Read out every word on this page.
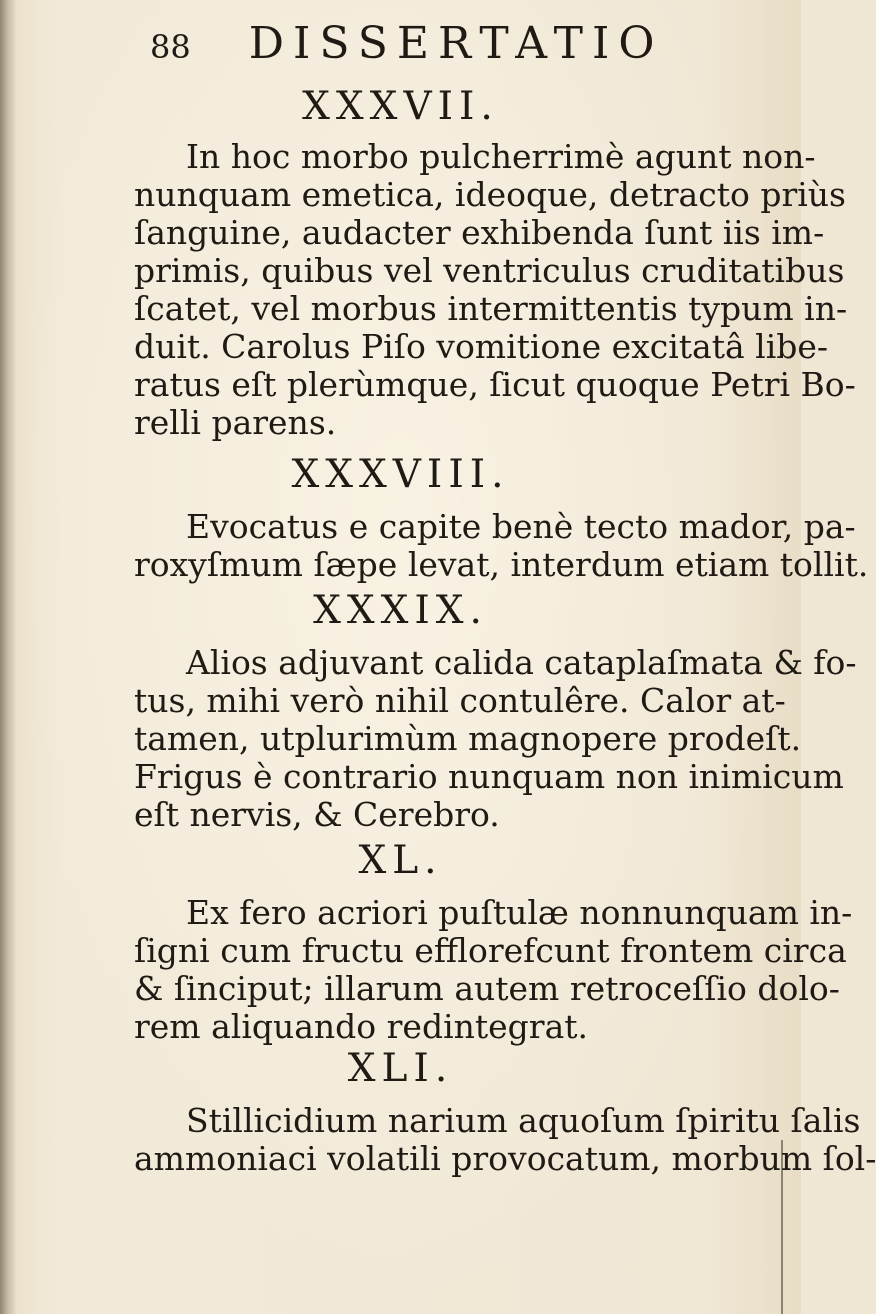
88 DISSERTATIO
XXXVII.
In hoc morbo pulcherrimè agunt non-
nunquam emetica, ideoque, detracto priùs
ſanguine, audacter exhibenda ſunt iis im-
primis, quibus vel ventriculus cruditatibus
ſcatet, vel morbus intermittentis typum in-
duit. Carolus Piſo vomitione excitatâ libe-
ratus eſt plerùmque, ſicut quoque Petri Bo-
relli parens.
XXXVIII.
Evocatus e capite benè tecto mador, pa-
roxyſmum ſæpe levat, interdum etiam tollit.
XXXIX.
Alios adjuvant calida cataplaſmata & fo-
tus, mihi verò nihil contulêre. Calor at-
tamen, utplurimùm magnopere prodeſt.
Frigus è contrario nunquam non inimicum
eſt nervis, & Cerebro.
XL.
Ex fero acriori puſtulæ nonnunquam in-
ſigni cum fructu efflorefcunt frontem circa
& ſinciput; illarum autem retroceſſio dolo-
rem aliquando redintegrat.
XLI.
Stillicidium narium aquoſum ſpiritu ſalis
ammoniaci volatili provocatum, morbum ſol-
